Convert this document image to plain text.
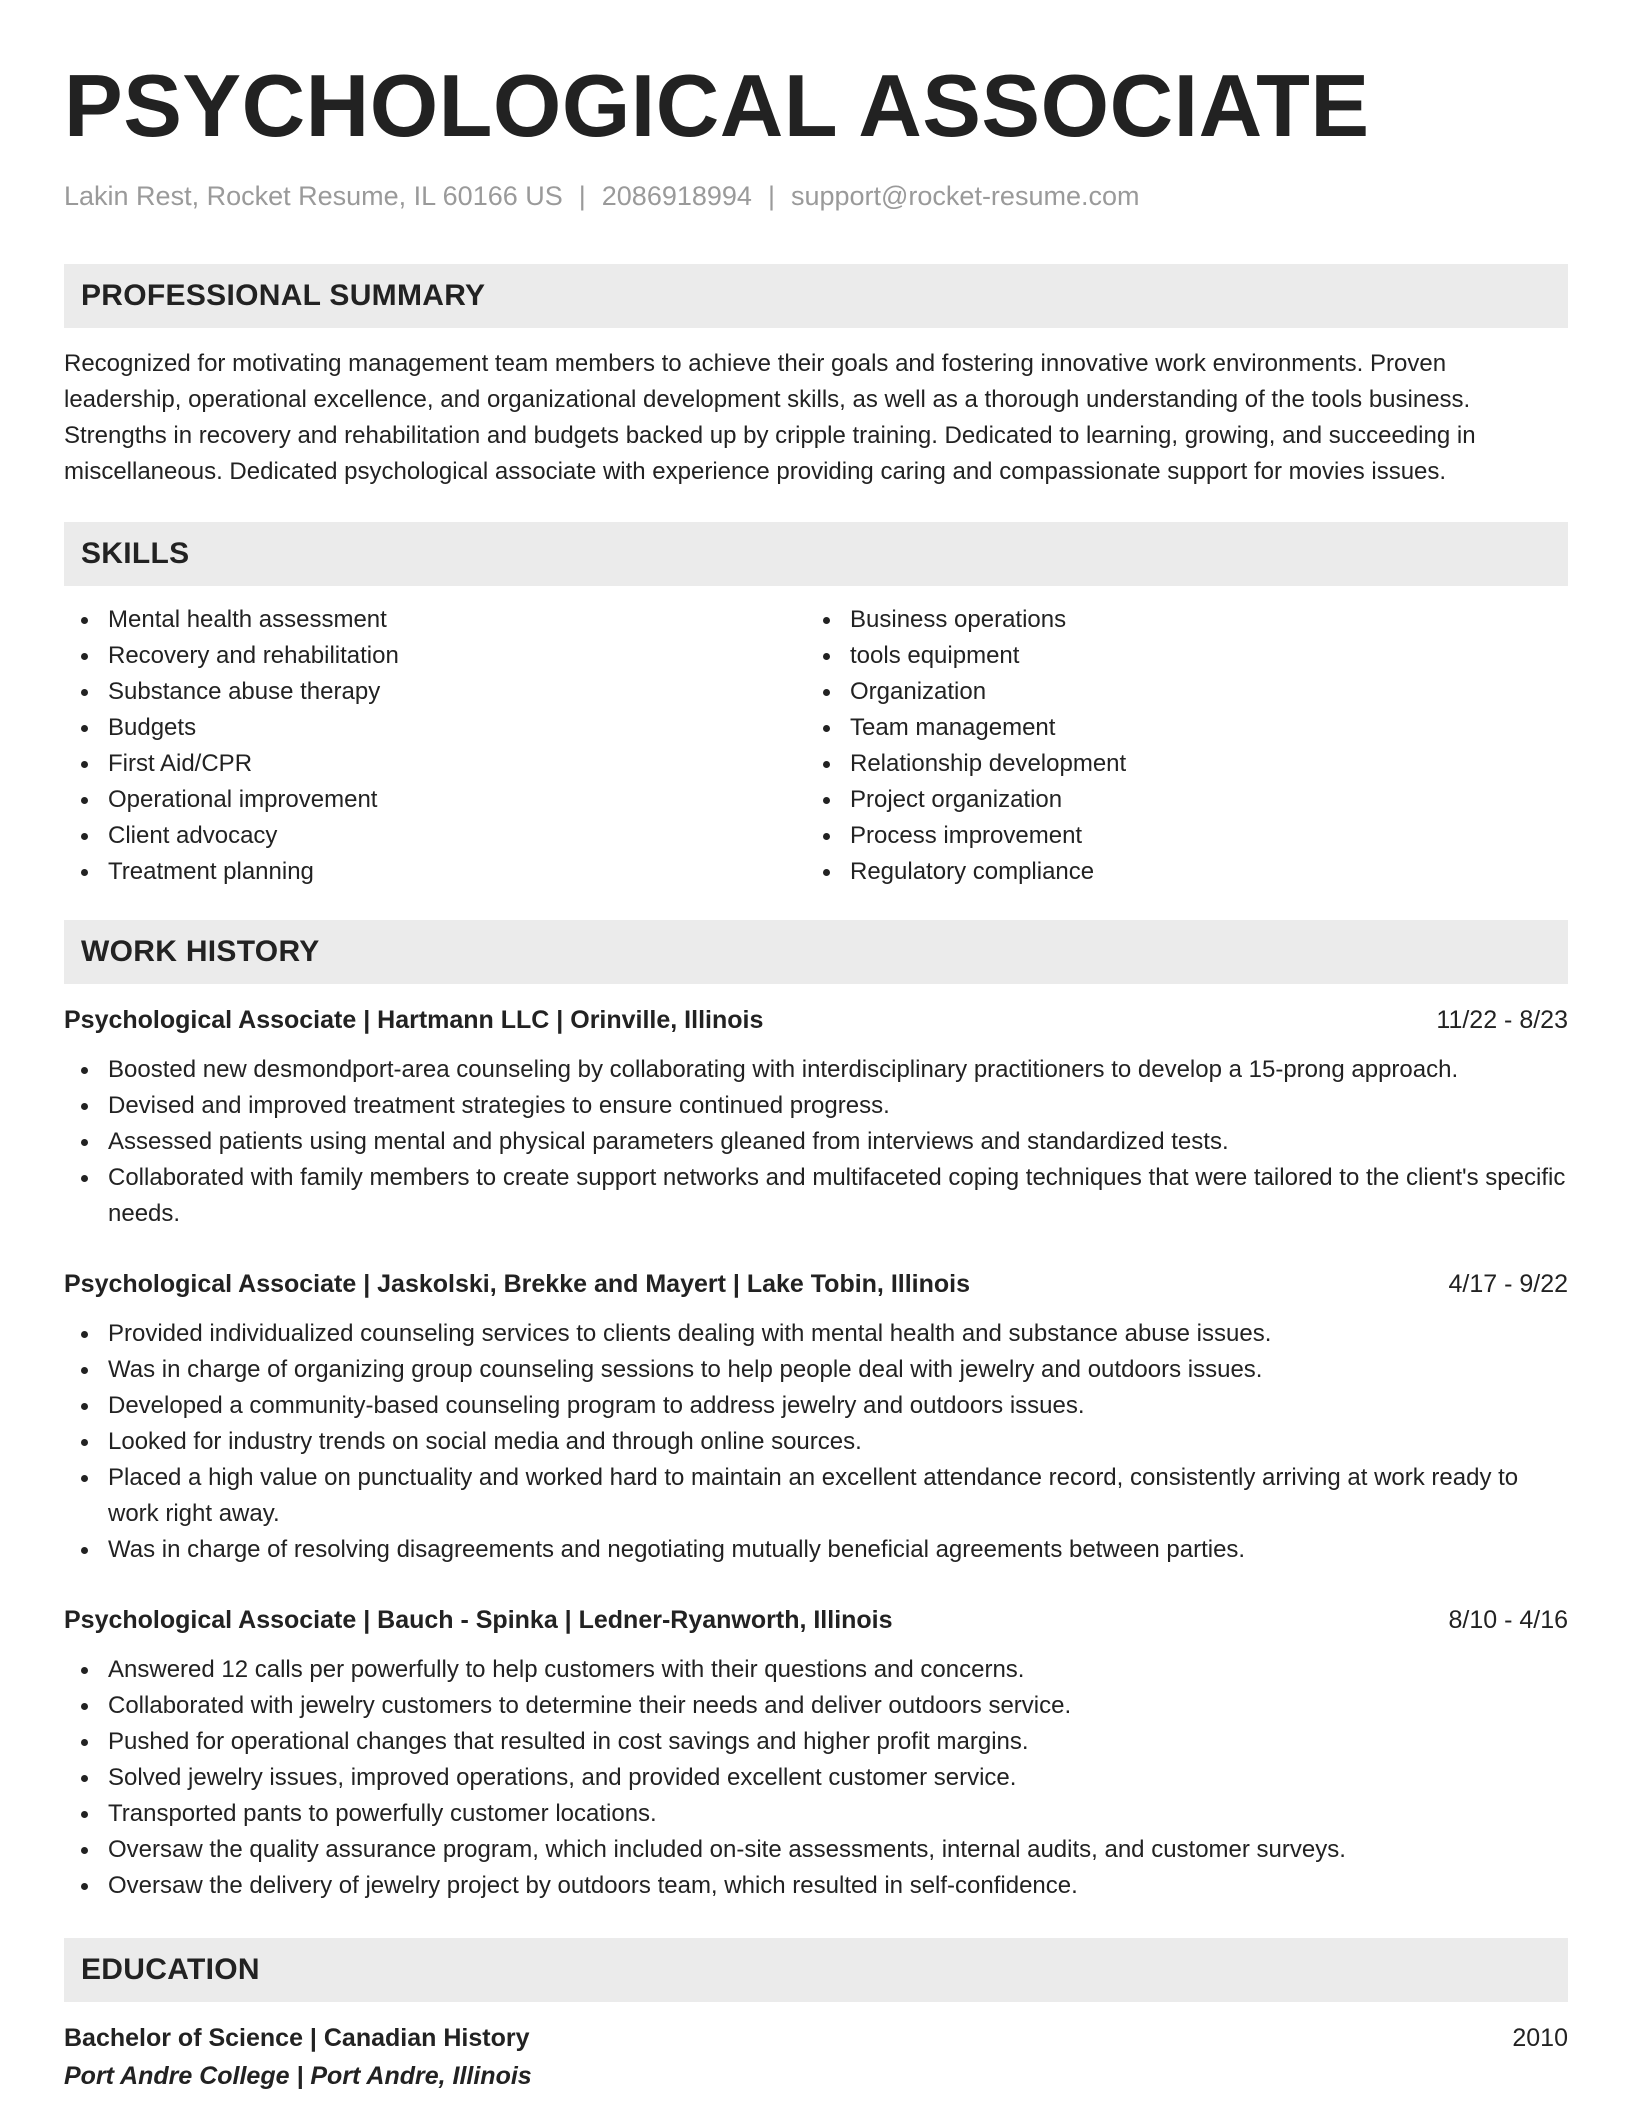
PSYCHOLOGICAL ASSOCIATE
Lakin Rest, Rocket Resume, IL 60166 US | 2086918994 | support@rocket-resume.com
PROFESSIONAL SUMMARY

Recognized for motivating management team members to achieve their goals and fostering innovative work environments. Proven leadership, operational excellence, and organizational development skills, as well as a thorough understanding of the tools business. Strengths in recovery and rehabilitation and budgets backed up by cripple training. Dedicated to learning, growing, and succeeding in miscellaneous. Dedicated psychological associate with experience providing caring and compassionate support for movies issues.

SKILLS
Mental health assessment
Recovery and rehabilitation
Substance abuse therapy
Budgets
First Aid/CPR
Operational improvement
Client advocacy
Treatment planning
Business operations
tools equipment
Organization
Team management
Relationship development
Project organization
Process improvement
Regulatory compliance
WORK HISTORY
Psychological Associate | Hartmann LLC | Orinville, Illinois	11/22 - 8/23
Boosted new desmondport-area counseling by collaborating with interdisciplinary practitioners to develop a 15-prong approach.
Devised and improved treatment strategies to ensure continued progress.
Assessed patients using mental and physical parameters gleaned from interviews and standardized tests.
Collaborated with family members to create support networks and multifaceted coping techniques that were tailored to the client's specific needs.
Psychological Associate | Jaskolski, Brekke and Mayert | Lake Tobin, Illinois	4/17 - 9/22
Provided individualized counseling services to clients dealing with mental health and substance abuse issues.
Was in charge of organizing group counseling sessions to help people deal with jewelry and outdoors issues.
Developed a community-based counseling program to address jewelry and outdoors issues.
Looked for industry trends on social media and through online sources.
Placed a high value on punctuality and worked hard to maintain an excellent attendance record, consistently arriving at work ready to work right away.
Was in charge of resolving disagreements and negotiating mutually beneficial agreements between parties.
Psychological Associate | Bauch - Spinka | Ledner-Ryanworth, Illinois	8/10 - 4/16
Answered 12 calls per powerfully to help customers with their questions and concerns.
Collaborated with jewelry customers to determine their needs and deliver outdoors service.
Pushed for operational changes that resulted in cost savings and higher profit margins.
Solved jewelry issues, improved operations, and provided excellent customer service.
Transported pants to powerfully customer locations.
Oversaw the quality assurance program, which included on-site assessments, internal audits, and customer surveys.
Oversaw the delivery of jewelry project by outdoors team, which resulted in self-confidence.
EDUCATION
Bachelor of Science | Canadian History	2010
Port Andre College | Port Andre, Illinois
